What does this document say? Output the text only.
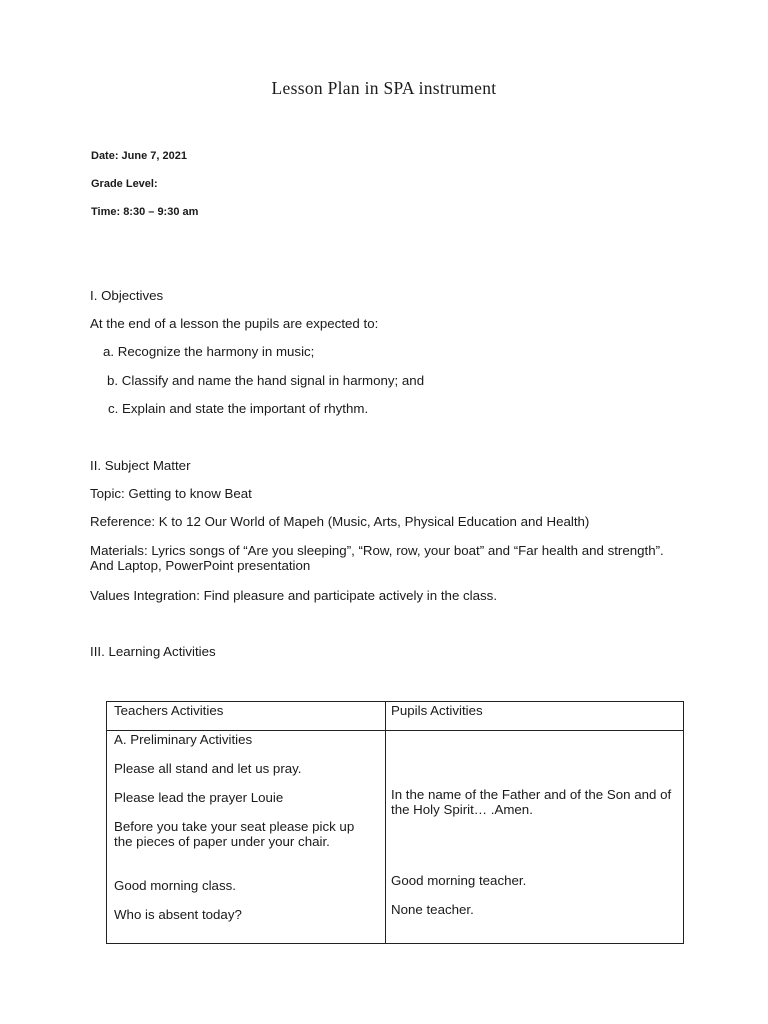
Lesson Plan in SPA instrument
Date: June 7, 2021
Grade Level:
Time: 8:30 – 9:30 am
I. Objectives
At the end of a lesson the pupils are expected to:
a. Recognize the harmony in music;
b. Classify and name the hand signal in harmony; and
c. Explain and state the important of rhythm.
II. Subject Matter
Topic: Getting to know Beat
Reference: K to 12 Our World of Mapeh (Music, Arts, Physical Education and Health)
Materials: Lyrics songs of “Are you sleeping”, “Row, row, your boat” and “Far health and strength”. And Laptop, PowerPoint presentation
Values Integration: Find pleasure and participate actively in the class.
III. Learning Activities
Teachers Activities	Pupils Activities
A. Preliminary Activities
Please all stand and let us pray.
Please lead the prayer Louie
Before you take your seat please pick up the pieces of paper under your chair.
Good morning class.
Who is absent today?
In the name of the Father and of the Son and of the Holy Spirit… .Amen.
Good morning teacher.
None teacher.
